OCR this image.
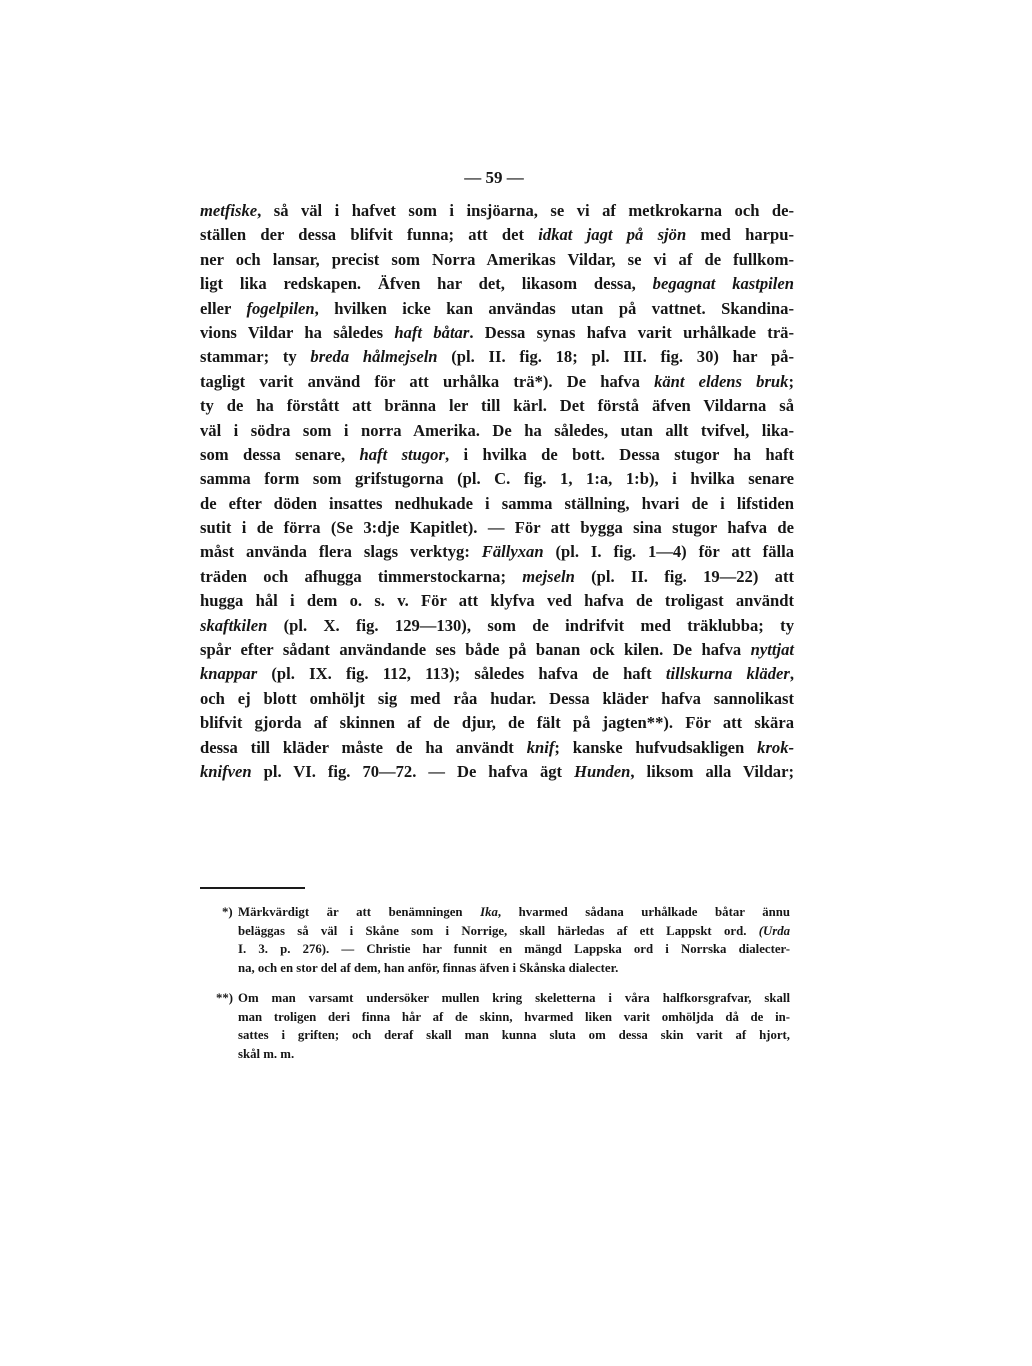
— 59 —
metfiske, så väl i hafvet som i insjöarna, se vi af metkrokarna och de-
ställen der dessa blifvit funna; att det idkat jagt på sjön med harpu-
ner och lansar, precist som Norra Amerikas Vildar, se vi af de fullkom-
ligt lika redskapen. Äfven har det, likasom dessa, begagnat kastpilen
eller fogelpilen, hvilken icke kan användas utan på vattnet. Skandina-
vions Vildar ha således haft båtar. Dessa synas hafva varit urhålkade trä-
stammar; ty breda hålmejseln (pl. II. fig. 18; pl. III. fig. 30) har på-
tagligt varit använd för att urhålka trä*). De hafva känt eldens bruk;
ty de ha förstått att bränna ler till kärl. Det förstå äfven Vildarna så
väl i södra som i norra Amerika. De ha således, utan allt tvifvel, lika-
som dessa senare, haft stugor, i hvilka de bott. Dessa stugor ha haft
samma form som grifstugorna (pl. C. fig. 1, 1:a, 1:b), i hvilka senare
de efter döden insattes nedhukade i samma ställning, hvari de i lifstiden
sutit i de förra (Se 3:dje Kapitlet). — För att bygga sina stugor hafva de
måst använda flera slags verktyg: Fällyxan (pl. I. fig. 1—4) för att fälla
träden och afhugga timmerstockarna; mejseln (pl. II. fig. 19—22) att
hugga hål i dem o. s. v. För att klyfva ved hafva de troligast användt
skaftkilen (pl. X. fig. 129—130), som de indrifvit med träklubba; ty
spår efter sådant användande ses både på banan ock kilen. De hafva nyttjat
knappar (pl. IX. fig. 112, 113); således hafva de haft tillskurna kläder,
och ej blott omhöljt sig med råa hudar. Dessa kläder hafva sannolikast
blifvit gjorda af skinnen af de djur, de fält på jagten**). För att skära
dessa till kläder måste de ha användt knif; kanske hufvudsakligen krok-
knifven pl. VI. fig. 70—72. — De hafva ägt Hunden, liksom alla Vildar;
*) Märkvärdigt är att benämningen Ika, hvarmed sådana urhålkade båtar ännu
beläggas så väl i Skåne som i Norrige, skall härledas af ett Lappskt ord. (Urda
I. 3. p. 276). — Christie har funnit en mängd Lappska ord i Norrska dialecter-
na, och en stor del af dem, han anför, finnas äfven i Skånska dialecter.
**) Om man varsamt undersöker mullen kring skeletterna i våra halfkorsgrafvar, skall
man troligen deri finna hår af de skinn, hvarmed liken varit omhöljda då de in-
sattes i griften; och deraf skall man kunna sluta om dessa skin varit af hjort,
skål m. m.
